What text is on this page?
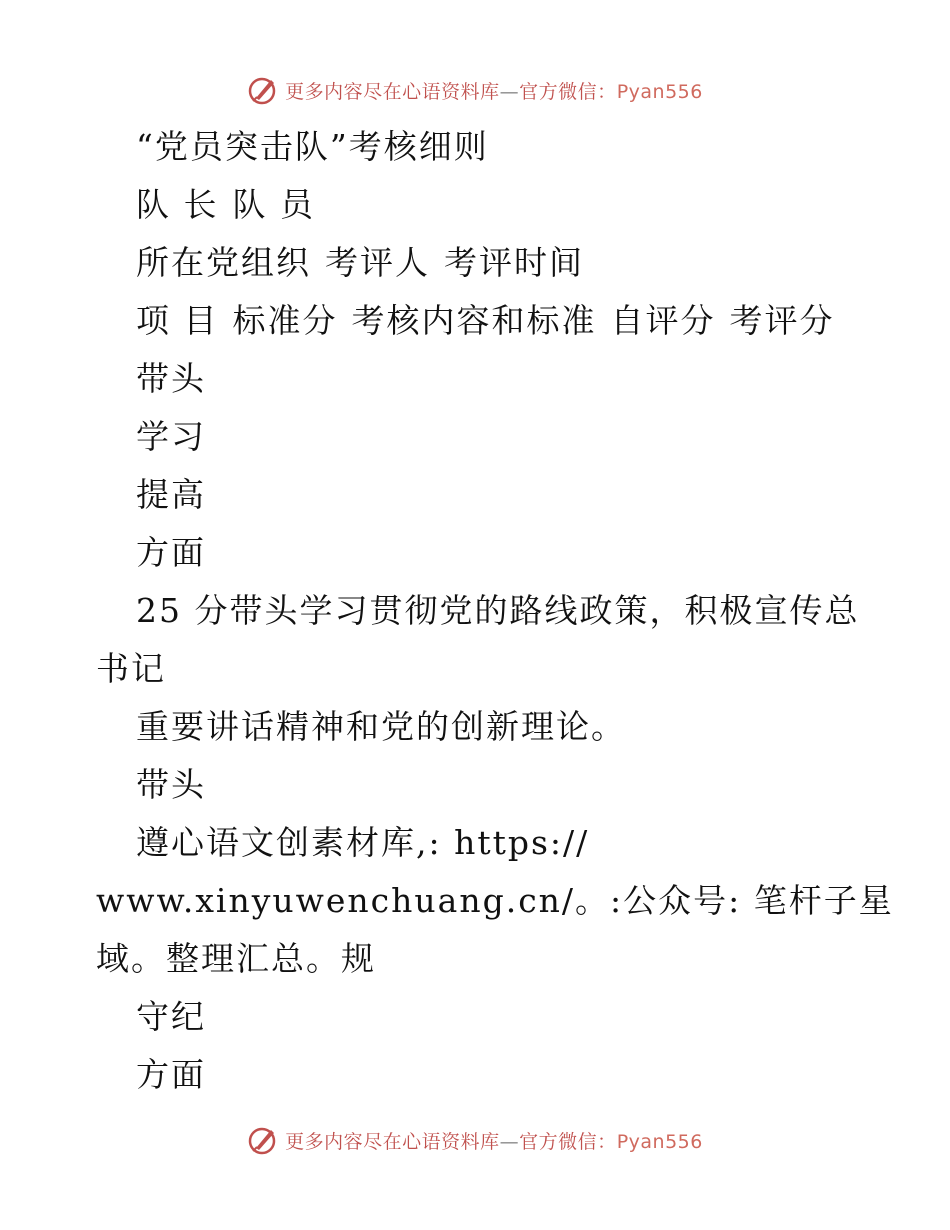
更多内容尽在心语资料库—官方微信：Pyan556
“党员突击队”考核细则
队 长 队 员
所在党组织 考评人 考评时间
项 目 标准分 考核内容和标准 自评分 考评分
带头
学习
提高
方面
25 分带头学习贯彻党的路线政策，积极宣传总
书记
重要讲话精神和党的创新理论。
带头
遵心语文创素材库,: https://
www.xinyuwenchuang.cn/。:公众号: 笔杆子星
域。整理汇总。规
守纪
方面
更多内容尽在心语资料库—官方微信：Pyan556
